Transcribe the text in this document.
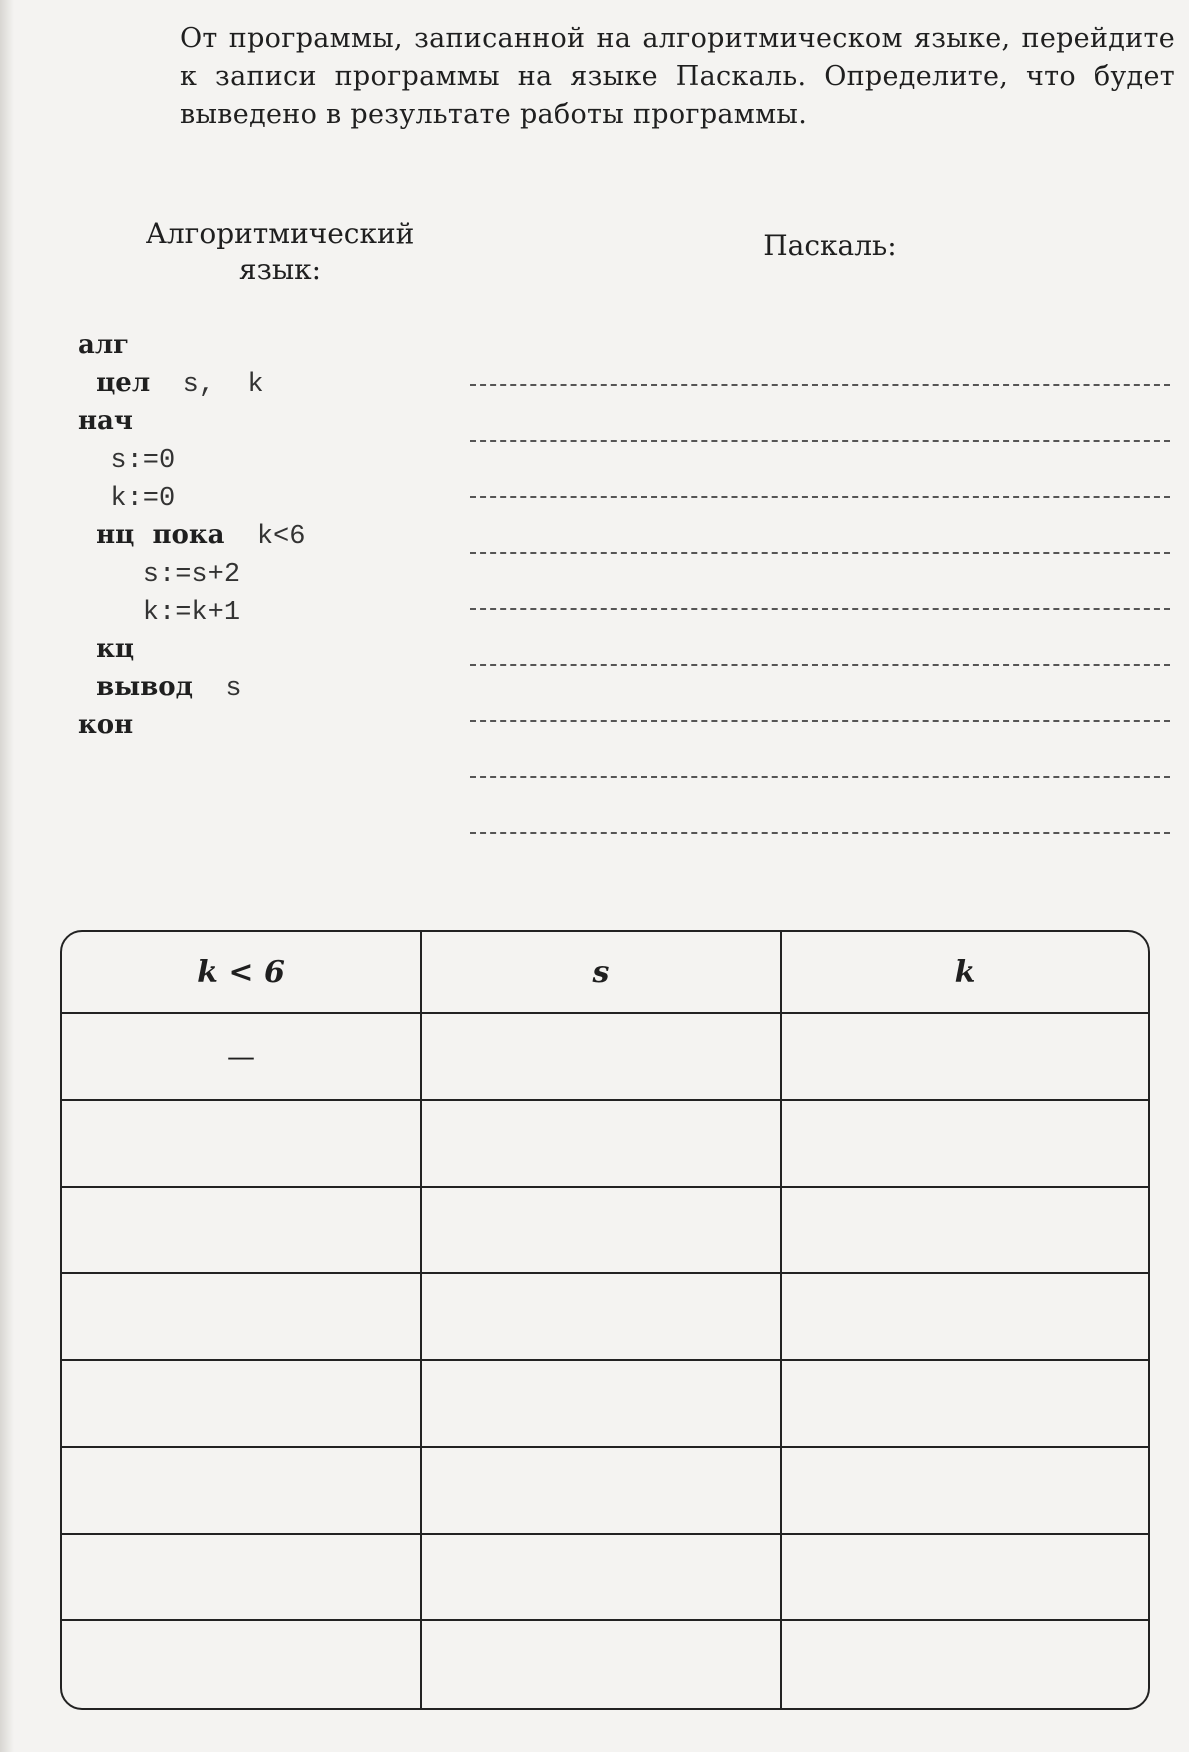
От программы, записанной на алгоритмическом языке, перейдите к записи программы на языке Паскаль. Определите, что будет выведено в результате работы программы.

Алгоритмический
язык:
Паскаль:
алг
цел  s,  k
нач
s:=0
k:=0
нц  пока  k<6
s:=s+2
k:=k+1
кц
вывод  s
кон
k < 6	s	k
—
